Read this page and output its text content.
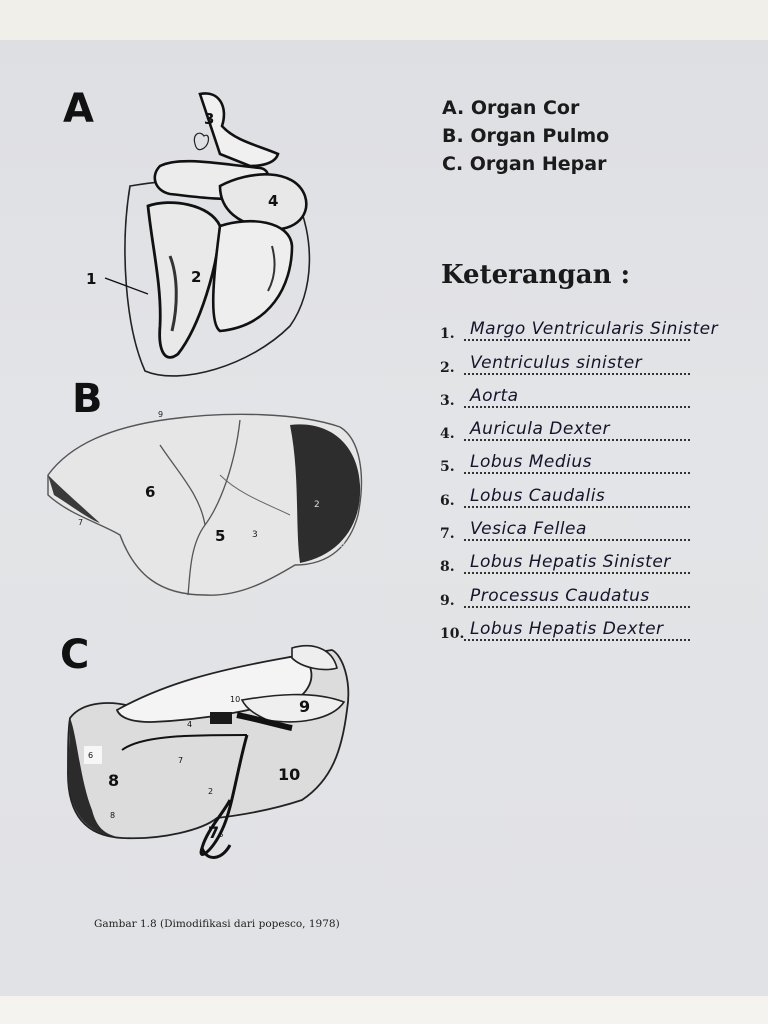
A
B
C
1	2
3
4
9
6
5	3
2
7
8
10	9
4
6
8
7
8
2
10
7 5
A. Organ Cor
B. Organ Pulmo
C. Organ Hepar
Keterangan :
1. Margo Ventricularis Sinister
2. Ventriculus sinister
3. Aorta
4. Auricula Dexter
5. Lobus Medius
6. Lobus Caudalis
7. Vesica Fellea
8. Lobus Hepatis Sinister
9. Processus Caudatus
10. Lobus Hepatis Dexter
Gambar 1.8 (Dimodifikasi dari popesco, 1978)
